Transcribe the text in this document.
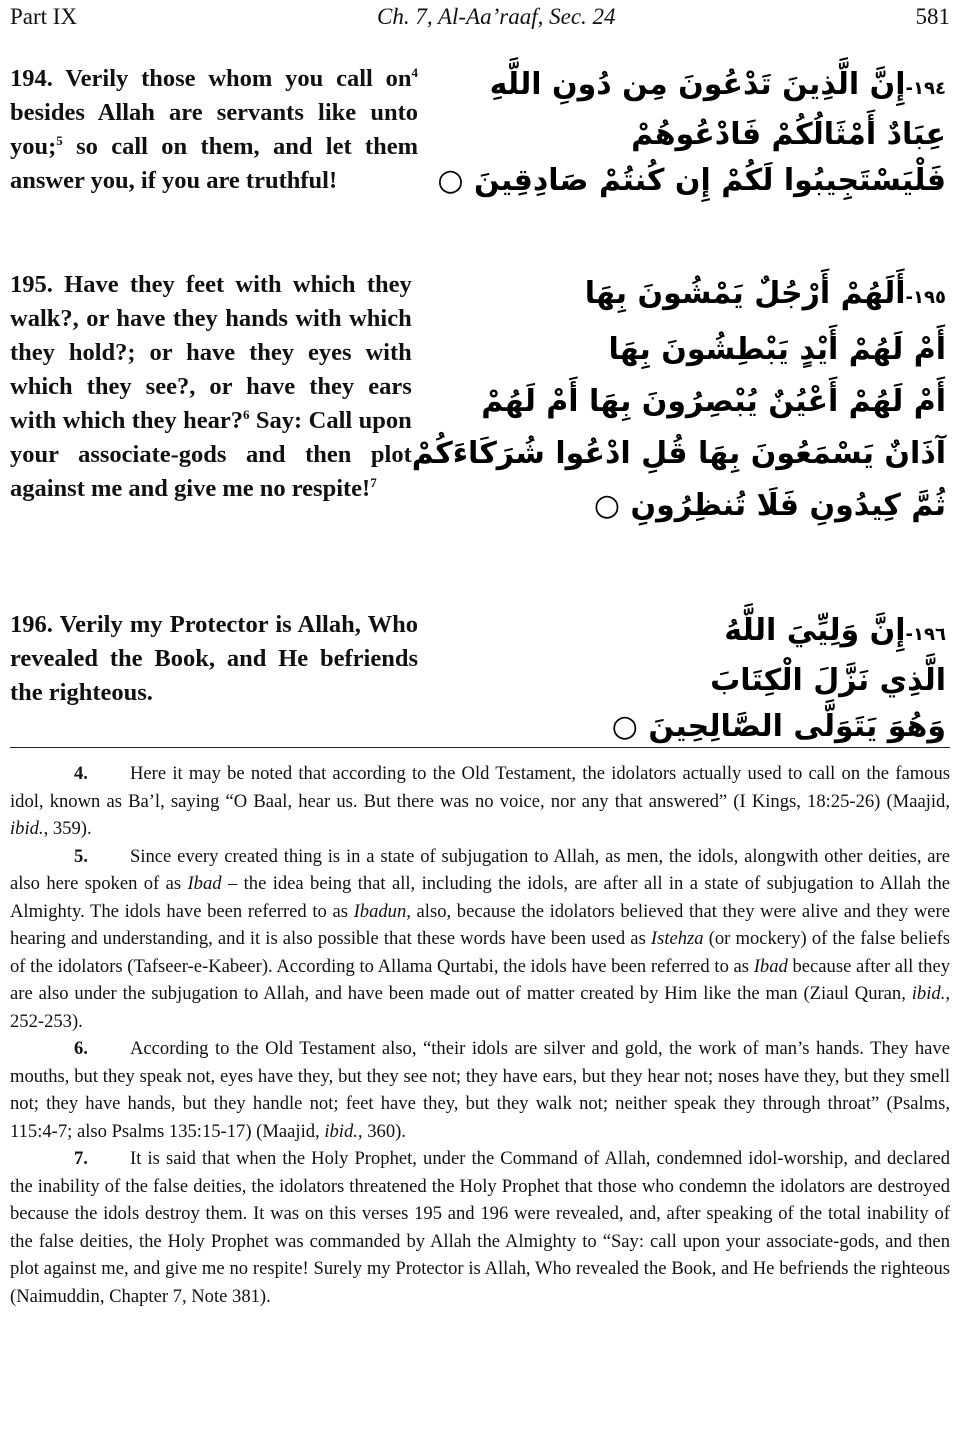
Part IX	Ch. 7, Al-Aa’raaf, Sec. 24	581
194. Verily those whom you call $on^4$ besides Allah are servants like unto you;$^5$ so call on them, and let them answer you, if you are truthful!
١٩٤-إِنَّ الَّذِينَ تَدْعُونَ مِن دُونِ اللَّهِ
عِبَادٌ أَمْثَالُكُمْ فَادْعُوهُمْ
فَلْيَسْتَجِيبُوا لَكُمْ إِن كُنتُمْ صَادِقِينَ ○
195. Have they feet with which they walk?, or have they hands with which they hold?; or have they eyes with which they see?, or have they ears with which they hear?$^6$ Say: Call upon your associate-gods and then plot against me and give me no respite!$^7$
١٩٥-أَلَهُمْ أَرْجُلٌ يَمْشُونَ بِهَا
أَمْ لَهُمْ أَيْدٍ يَبْطِشُونَ بِهَا
أَمْ لَهُمْ أَعْيُنٌ يُبْصِرُونَ بِهَا أَمْ لَهُمْ
آذَانٌ يَسْمَعُونَ بِهَا قُلِ ادْعُوا شُرَكَاءَكُمْ
ثُمَّ كِيدُونِ فَلَا تُنظِرُونِ ○
196. Verily my Protector is Allah, Who revealed the Book, and He befriends the righteous.
١٩٦-إِنَّ وَلِيِّيَ اللَّهُ
الَّذِي نَزَّلَ الْكِتَابَ
وَهُوَ يَتَوَلَّى الصَّالِحِينَ ○

4. Here it may be noted that according to the Old Testament, the idolators actually used to call on the famous idol, known as Ba’l, saying “O Baal, hear us. But there was no voice, nor any that answered” (I Kings, 18:25-26) (Maajid, ibid., 359).

5. Since every created thing is in a state of subjugation to Allah, as men, the idols, alongwith other deities, are also here spoken of as Ibad – the idea being that all, including the idols, are after all in a state of subjugation to Allah the Almighty. The idols have been referred to as Ibadun, also, because the idolators believed that they were alive and they were hearing and understanding, and it is also possible that these words have been used as Istehza (or mockery) of the false beliefs of the idolators (Tafseer-e-Kabeer). According to Allama Qurtabi, the idols have been referred to as Ibad because after all they are also under the subjugation to Allah, and have been made out of matter created by Him like the man (Ziaul Quran, ibid., 252-253).

6. According to the Old Testament also, “their idols are silver and gold, the work of man’s hands. They have mouths, but they speak not, eyes have they, but they see not; they have ears, but they hear not; noses have they, but they smell not; they have hands, but they handle not; feet have they, but they walk not; neither speak they through throat” (Psalms, 115:4-7; also Psalms 135:15-17) (Maajid, ibid., 360).

7. It is said that when the Holy Prophet, under the Command of Allah, condemned idol-worship, and declared the inability of the false deities, the idolators threatened the Holy Prophet that those who condemn the idolators are destroyed because the idols destroy them. It was on this verses 195 and 196 were revealed, and, after speaking of the total inability of the false deities, the Holy Prophet was commanded by Allah the Almighty to “Say: call upon your associate-gods, and then plot against me, and give me no respite! Surely my Protector is Allah, Who revealed the Book, and He befriends the righteous (Naimuddin, Chapter 7, Note 381).
